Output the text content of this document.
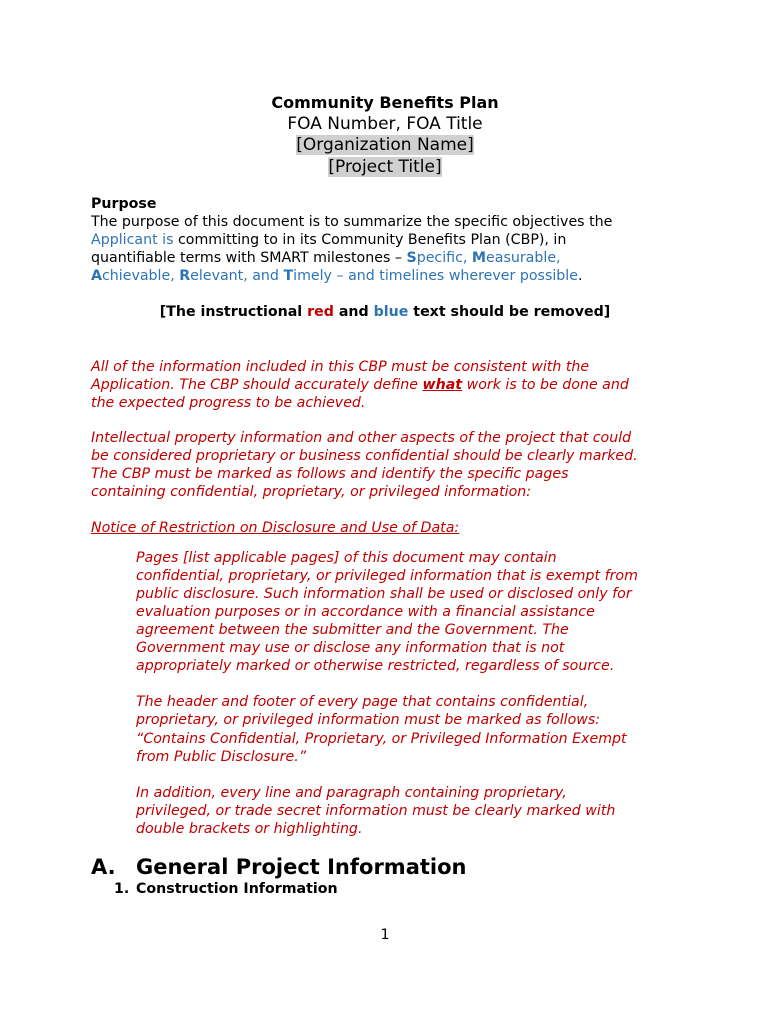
Community Benefits Plan
FOA Number, FOA Title
[Organization Name]
[Project Title]
Purpose
The purpose of this document is to summarize the specific objectives the
Applicant is committing to in its Community Benefits Plan (CBP), in
quantifiable terms with SMART milestones – Specific, Measurable,
Achievable, Relevant, and Timely – and timelines wherever possible.
[The instructional red and blue text should be removed]
All of the information included in this CBP must be consistent with the
Application. The CBP should accurately define what work is to be done and
the expected progress to be achieved.
Intellectual property information and other aspects of the project that could
be considered proprietary or business confidential should be clearly marked.
The CBP must be marked as follows and identify the specific pages
containing confidential, proprietary, or privileged information:
Notice of Restriction on Disclosure and Use of Data:
Pages [list applicable pages] of this document may contain
confidential, proprietary, or privileged information that is exempt from
public disclosure. Such information shall be used or disclosed only for
evaluation purposes or in accordance with a financial assistance
agreement between the submitter and the Government. The
Government may use or disclose any information that is not
appropriately marked or otherwise restricted, regardless of source.
The header and footer of every page that contains confidential,
proprietary, or privileged information must be marked as follows:
“Contains Confidential, Proprietary, or Privileged Information Exempt
from Public Disclosure.”
In addition, every line and paragraph containing proprietary,
privileged, or trade secret information must be clearly marked with
double brackets or highlighting.
A. General Project Information
1. Construction Information
1
